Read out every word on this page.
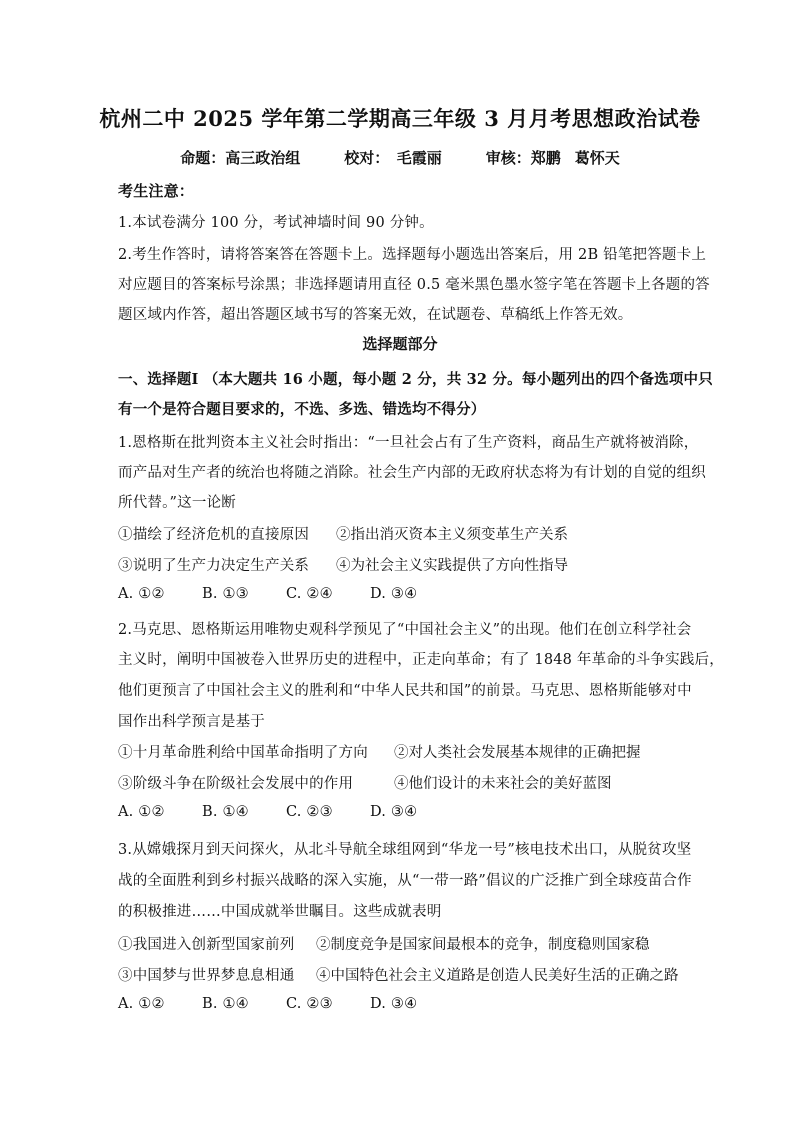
杭州二中 2025 学年第二学期高三年级 3 月月考思想政治试卷
命题：高三政治组	校对：　毛霞丽	审核：郑鹏 葛怀天
考生注意：
1.本试卷满分 100 分，考试神墙时间 90 分钟。
2.考生作答时，请将答案答在答题卡上。选择题每小题选出答案后，用 2B 铅笔把答题卡上
对应题目的答案标号涂黑；非选择题请用直径 0.5 毫米黑色墨水签字笔在答题卡上各题的答
题区域内作答，超出答题区域书写的答案无效，在试题卷、草稿纸上作答无效。
选择题部分
一、选择题Ⅰ （本大题共 16 小题，每小题 2 分，共 32 分。每小题列出的四个备选项中只
有一个是符合题目要求的，不选、多选、错选均不得分）
1.恩格斯在批判资本主义社会时指出：“一旦社会占有了生产资料，商品生产就将被消除，
而产品对生产者的统治也将随之消除。社会生产内部的无政府状态将为有计划的自觉的组织
所代替。”这一论断
①描绘了经济危机的直接原因 ②指出消灭资本主义须变革生产关系
③说明了生产力决定生产关系 ④为社会主义实践提供了方向性指导
A. ①②	B. ①③	C. ②④	D. ③④
2.马克思、恩格斯运用唯物史观科学预见了“中国社会主义”的出现。他们在创立科学社会
主义时，阐明中国被卷入世界历史的进程中，正走向革命；有了 1848 年革命的斗争实践后，
他们更预言了中国社会主义的胜利和“中华人民共和国”的前景。马克思、恩格斯能够对中
国作出科学预言是基于
①十月革命胜利给中国革命指明了方向 ②对人类社会发展基本规律的正确把握
③阶级斗争在阶级社会发展中的作用	④他们设计的未来社会的美好蓝图
A. ①②	B. ①④	C. ②③	D. ③④
3.从嫦娥探月到天问探火，从北斗导航全球组网到“华龙一号”核电技术出口，从脱贫攻坚
战的全面胜利到乡村振兴战略的深入实施，从“一带一路”倡议的广泛推广到全球疫苗合作
的积极推进……中国成就举世瞩目。这些成就表明
①我国进入创新型国家前列 ②制度竞争是国家间最根本的竞争，制度稳则国家稳
③中国梦与世界梦息息相通 ④中国特色社会主义道路是创造人民美好生活的正确之路
A. ①②	B. ①④	C. ②③	D. ③④
